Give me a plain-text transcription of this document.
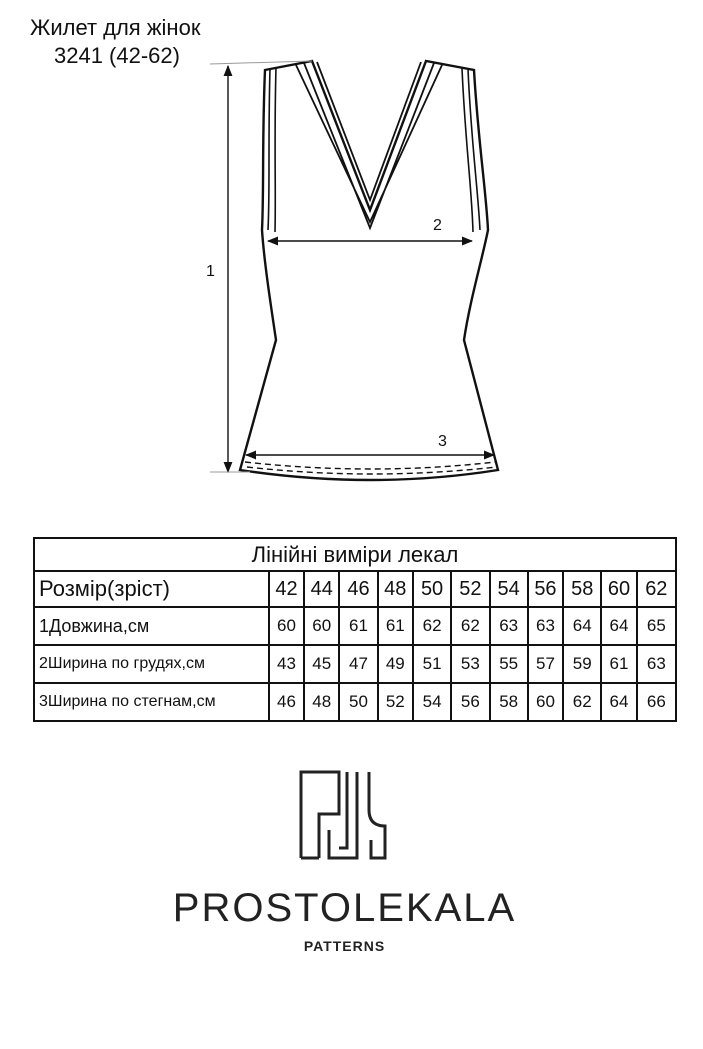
Жилет для жінок
3241 (42-62)
1
2
3
Лінійні виміри лекал											
Розмір(зріст)	42	44	46	48	50	52	54	56	58	60	62
1Довжина,см	60	60	61	61	62	62	63	63	64	64	65
2Ширина по грудях,см	43	45	47	49	51	53	55	57	59	61	63
3Ширина по стегнам,см	46	48	50	52	54	56	58	60	62	64	66
PROSTOLEKALA
PATTERNS
